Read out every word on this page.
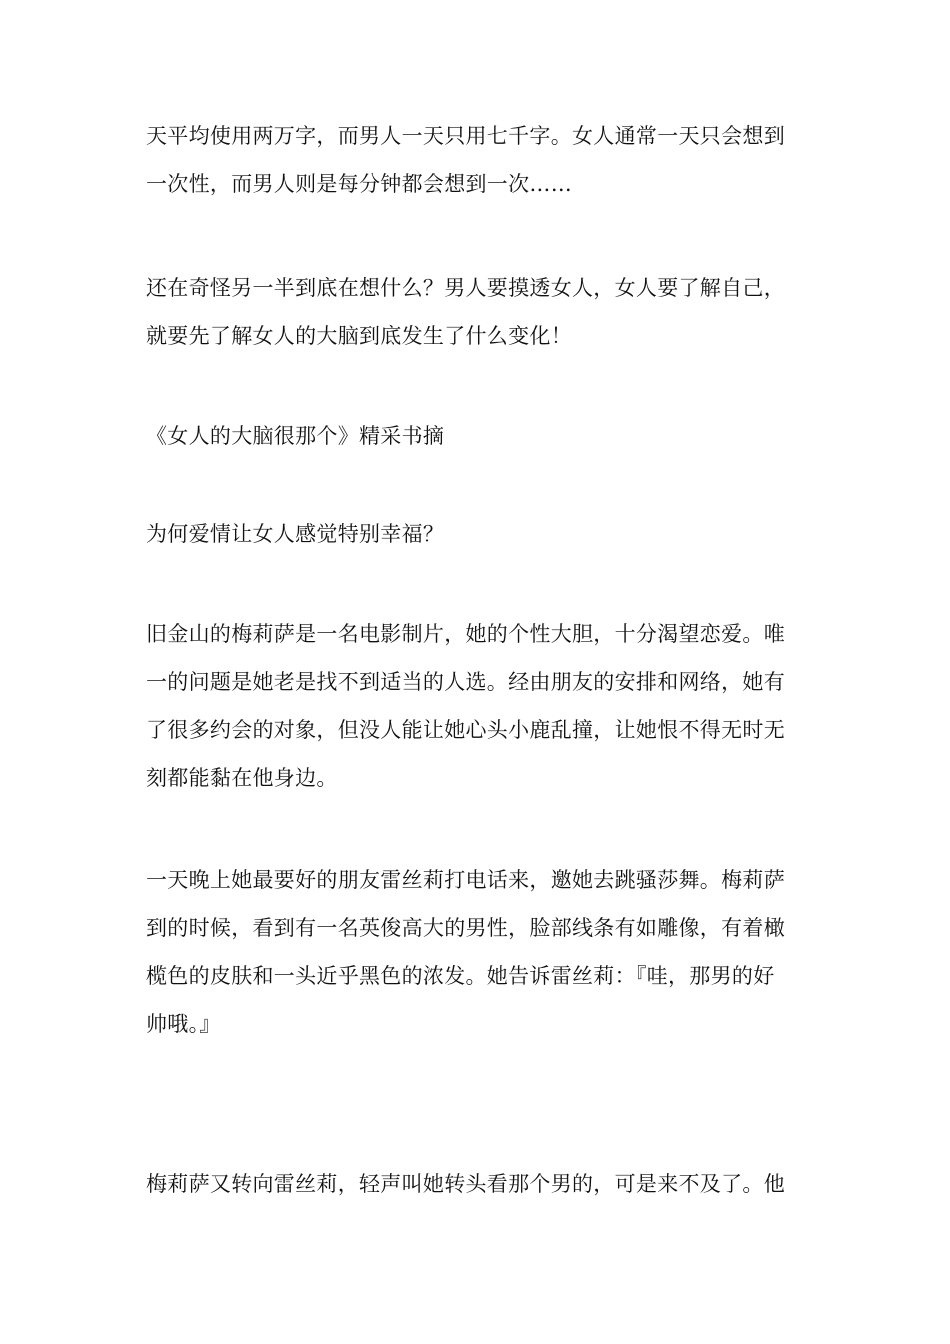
天平均使用两万字，而男人一天只用七千字。女人通常一天只会想到
一次性，而男人则是每分钟都会想到一次……

还在奇怪另一半到底在想什么？男人要摸透女人，女人要了解自己，
就要先了解女人的大脑到底发生了什么变化！

《女人的大脑很那个》精采书摘

为何爱情让女人感觉特别幸福？

旧金山的梅莉萨是一名电影制片，她的个性大胆，十分渴望恋爱。唯
一的问题是她老是找不到适当的人选。经由朋友的安排和网络，她有
了很多约会的对象，但没人能让她心头小鹿乱撞，让她恨不得无时无
刻都能黏在他身边。

一天晚上她最要好的朋友雷丝莉打电话来，邀她去跳骚莎舞。梅莉萨
到的时候，看到有一名英俊高大的男性，脸部线条有如雕像，有着橄
榄色的皮肤和一头近乎黑色的浓发。她告诉雷丝莉：『哇，那男的好
帅哦。』

梅莉萨又转向雷丝莉，轻声叫她转头看那个男的，可是来不及了。他
